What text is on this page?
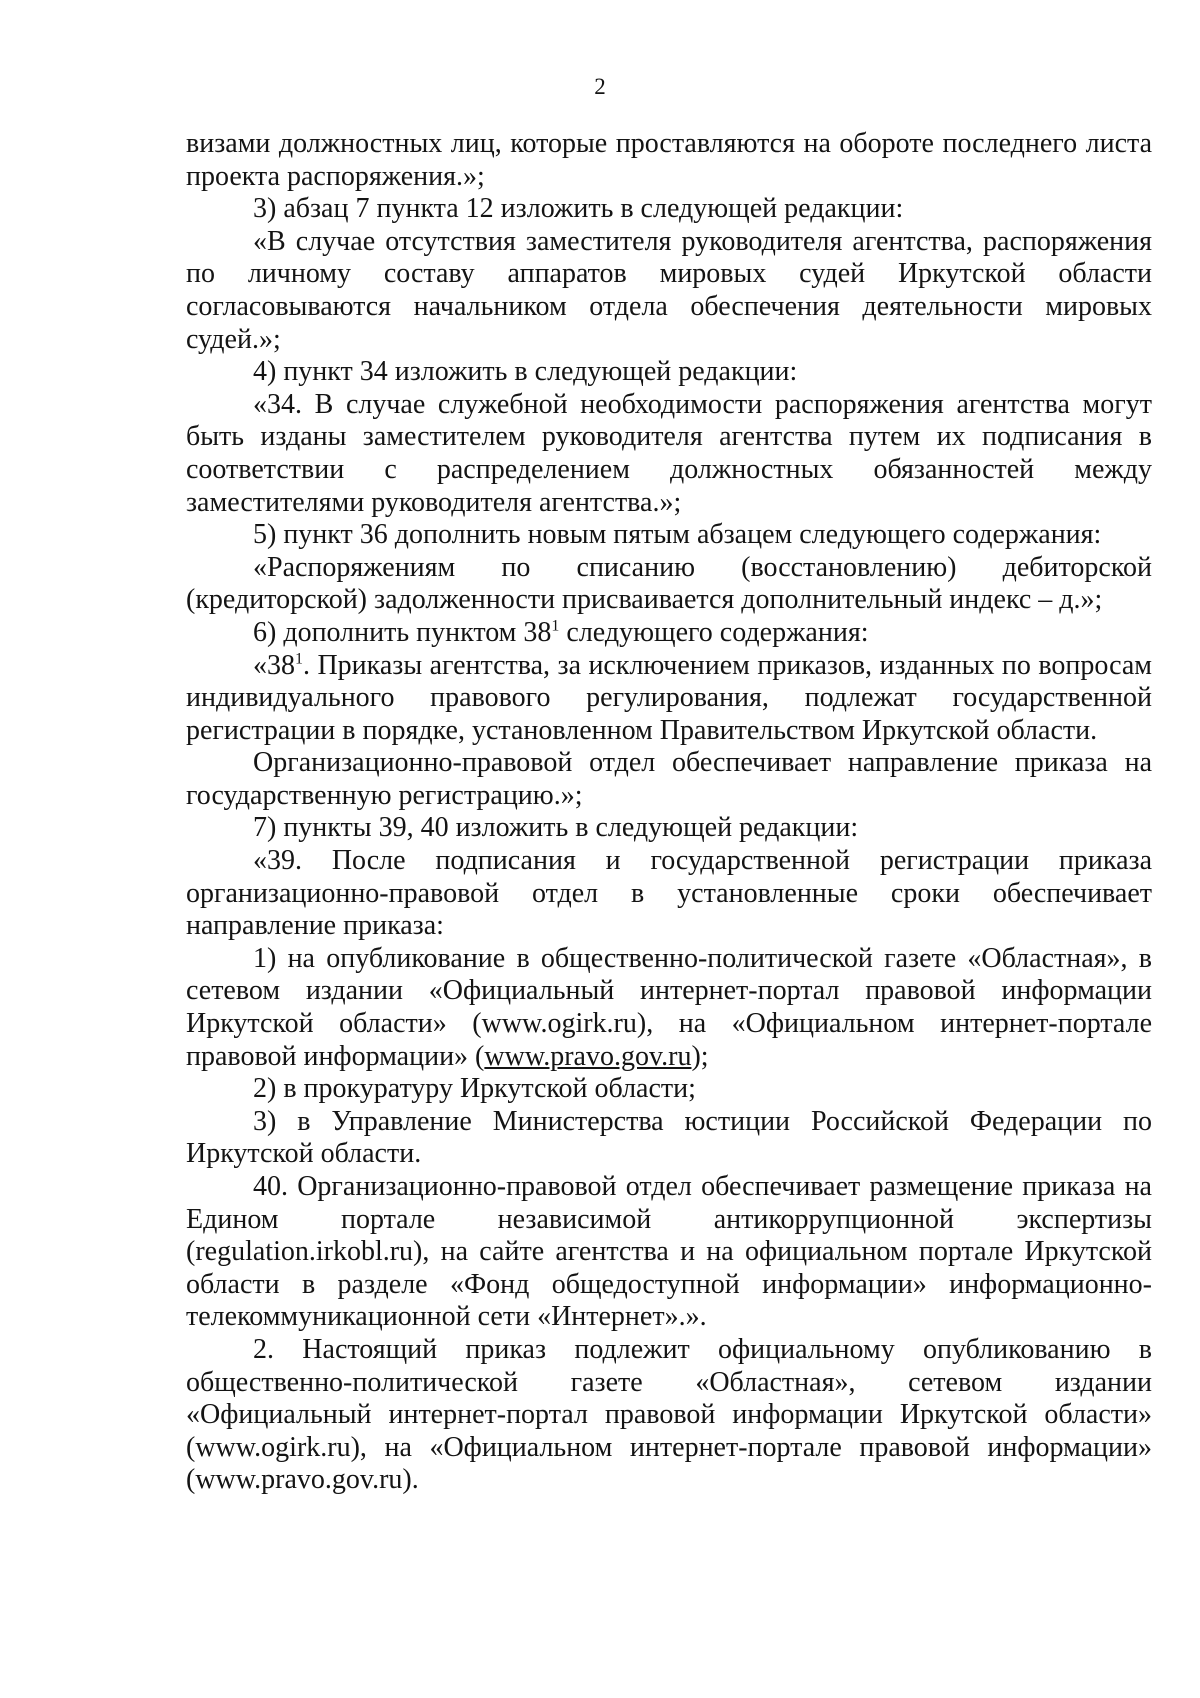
2

визами должностных лиц, которые проставляются на обороте последнего листа проекта распоряжения.»;

3) абзац 7 пункта 12 изложить в следующей редакции:

«В случае отсутствия заместителя руководителя агентства, распоряжения по личному составу аппаратов мировых судей Иркутской области согласовываются начальником отдела обеспечения деятельности мировых судей.»;

4) пункт 34 изложить в следующей редакции:

«34. В случае служебной необходимости распоряжения агентства могут быть изданы заместителем руководителя агентства путем их подписания в соответствии с распределением должностных обязанностей между заместителями руководителя агентства.»;

5) пункт 36 дополнить новым пятым абзацем следующего содержания:

«Распоряжениям по списанию (восстановлению) дебиторской (кредиторской) задолженности присваивается дополнительный индекс – д.»;

6) дополнить пунктом $38^1$ следующего содержания:

«$38^1$. Приказы агентства, за исключением приказов, изданных по вопросам индивидуального правового регулирования, подлежат государственной регистрации в порядке, установленном Правительством Иркутской области.

Организационно-правовой отдел обеспечивает направление приказа на государственную регистрацию.»;

7) пункты 39, 40 изложить в следующей редакции:

«39. После подписания и государственной регистрации приказа организационно-правовой отдел в установленные сроки обеспечивает направление приказа:

1) на опубликование в общественно-политической газете «Областная», в сетевом издании «Официальный интернет-портал правовой информации Иркутской области» (www.ogirk.ru), на «Официальном интернет-портале правовой информации» (www.pravo.gov.ru);

2) в прокуратуру Иркутской области;

3) в Управление Министерства юстиции Российской Федерации по Иркутской области.

40. Организационно-правовой отдел обеспечивает размещение приказа на Едином портале независимой антикоррупционной экспертизы (regulation.irkobl.ru), на сайте агентства и на официальном портале Иркутской области в разделе «Фонд общедоступной информации» информационно-телекоммуникационной сети «Интернет».».

2. Настоящий приказ подлежит официальному опубликованию в общественно-политической газете «Областная», сетевом издании «Официальный интернет-портал правовой информации Иркутской области» (www.ogirk.ru), на «Официальном интернет-портале правовой информации» (www.pravo.gov.ru).
